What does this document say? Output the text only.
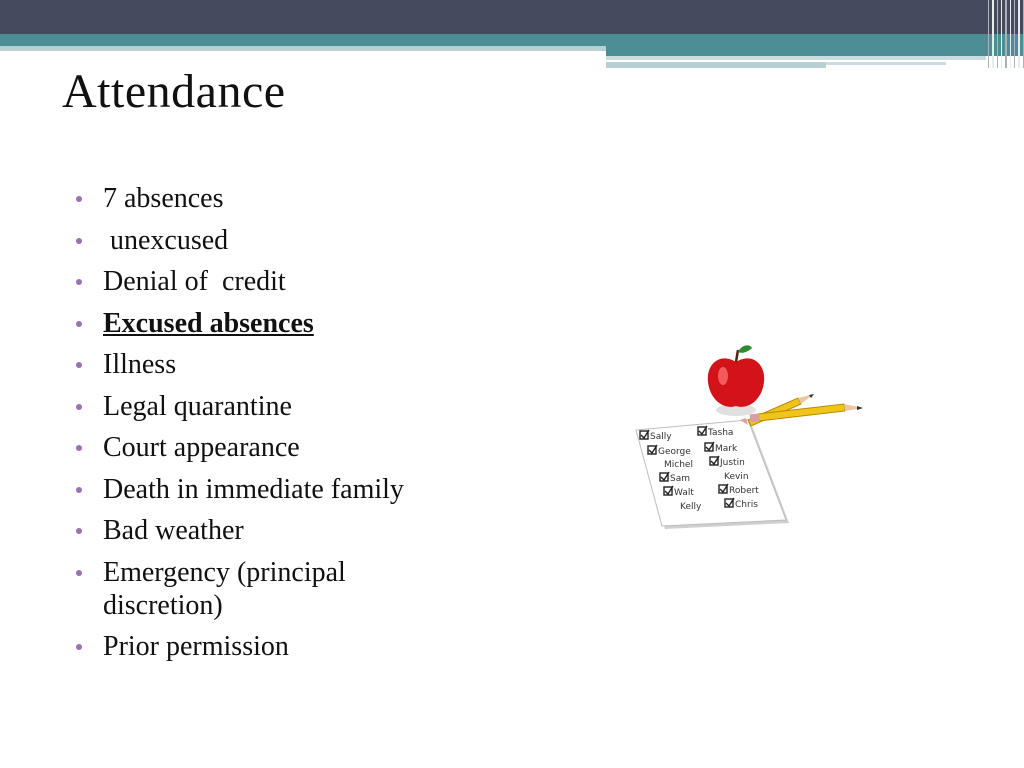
Attendance
7 absences
unexcused
Denial of  credit
Excused absences
Illness
Legal quarantine
Court appearance
Death in immediate family
Bad weather
Emergency (principal discretion)
Prior permission
Sally	Tasha
George	Mark
Michel	Justin
Sam	Kevin
Walt	Robert
Kelly	Chris
